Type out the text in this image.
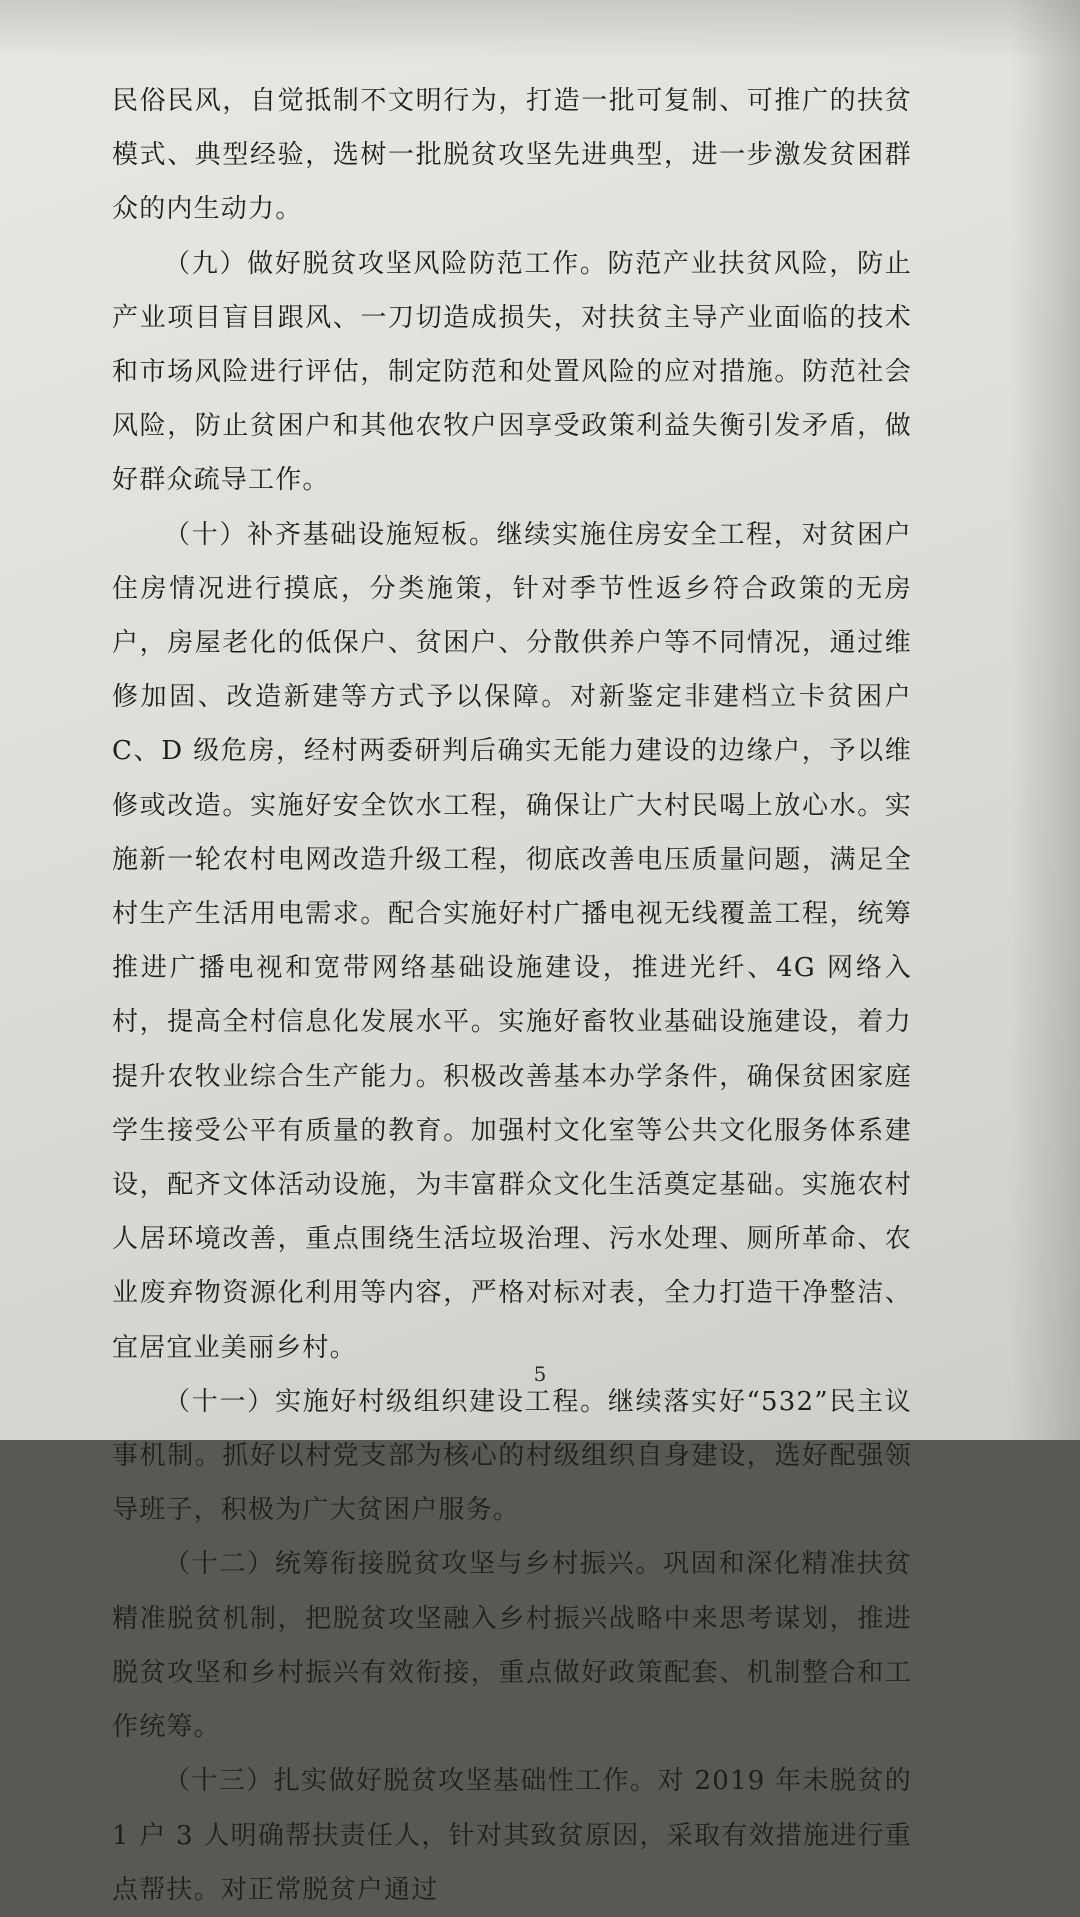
民俗民风，自觉抵制不文明行为，打造一批可复制、可推广的扶贫模式、典型经验，选树一批脱贫攻坚先进典型，进一步激发贫困群众的内生动力。

（九）做好脱贫攻坚风险防范工作。防范产业扶贫风险，防止产业项目盲目跟风、一刀切造成损失，对扶贫主导产业面临的技术和市场风险进行评估，制定防范和处置风险的应对措施。防范社会风险，防止贫困户和其他农牧户因享受政策利益失衡引发矛盾，做好群众疏导工作。

（十）补齐基础设施短板。继续实施住房安全工程，对贫困户住房情况进行摸底，分类施策，针对季节性返乡符合政策的无房户，房屋老化的低保户、贫困户、分散供养户等不同情况，通过维修加固、改造新建等方式予以保障。对新鉴定非建档立卡贫困户 C、D 级危房，经村两委研判后确实无能力建设的边缘户，予以维修或改造。实施好安全饮水工程，确保让广大村民喝上放心水。实施新一轮农村电网改造升级工程，彻底改善电压质量问题，满足全村生产生活用电需求。配合实施好村广播电视无线覆盖工程，统筹推进广播电视和宽带网络基础设施建设，推进光纤、4G 网络入村，提高全村信息化发展水平。实施好畜牧业基础设施建设，着力提升农牧业综合生产能力。积极改善基本办学条件，确保贫困家庭学生接受公平有质量的教育。加强村文化室等公共文化服务体系建设，配齐文体活动设施，为丰富群众文化生活奠定基础。实施农村人居环境改善，重点围绕生活垃圾治理、污水处理、厕所革命、农业废弃物资源化利用等内容，严格对标对表，全力打造干净整洁、宜居宜业美丽乡村。

（十一）实施好村级组织建设工程。继续落实好“532”民主议事机制。抓好以村党支部为核心的村级组织自身建设，选好配强领导班子，积极为广大贫困户服务。

（十二）统筹衔接脱贫攻坚与乡村振兴。巩固和深化精准扶贫精准脱贫机制，把脱贫攻坚融入乡村振兴战略中来思考谋划，推进脱贫攻坚和乡村振兴有效衔接，重点做好政策配套、机制整合和工作统筹。

（十三）扎实做好脱贫攻坚基础性工作。对 2019 年未脱贫的 1 户 3 人明确帮扶责任人，针对其致贫原因，采取有效措施进行重点帮扶。对正常脱贫户通过

5
